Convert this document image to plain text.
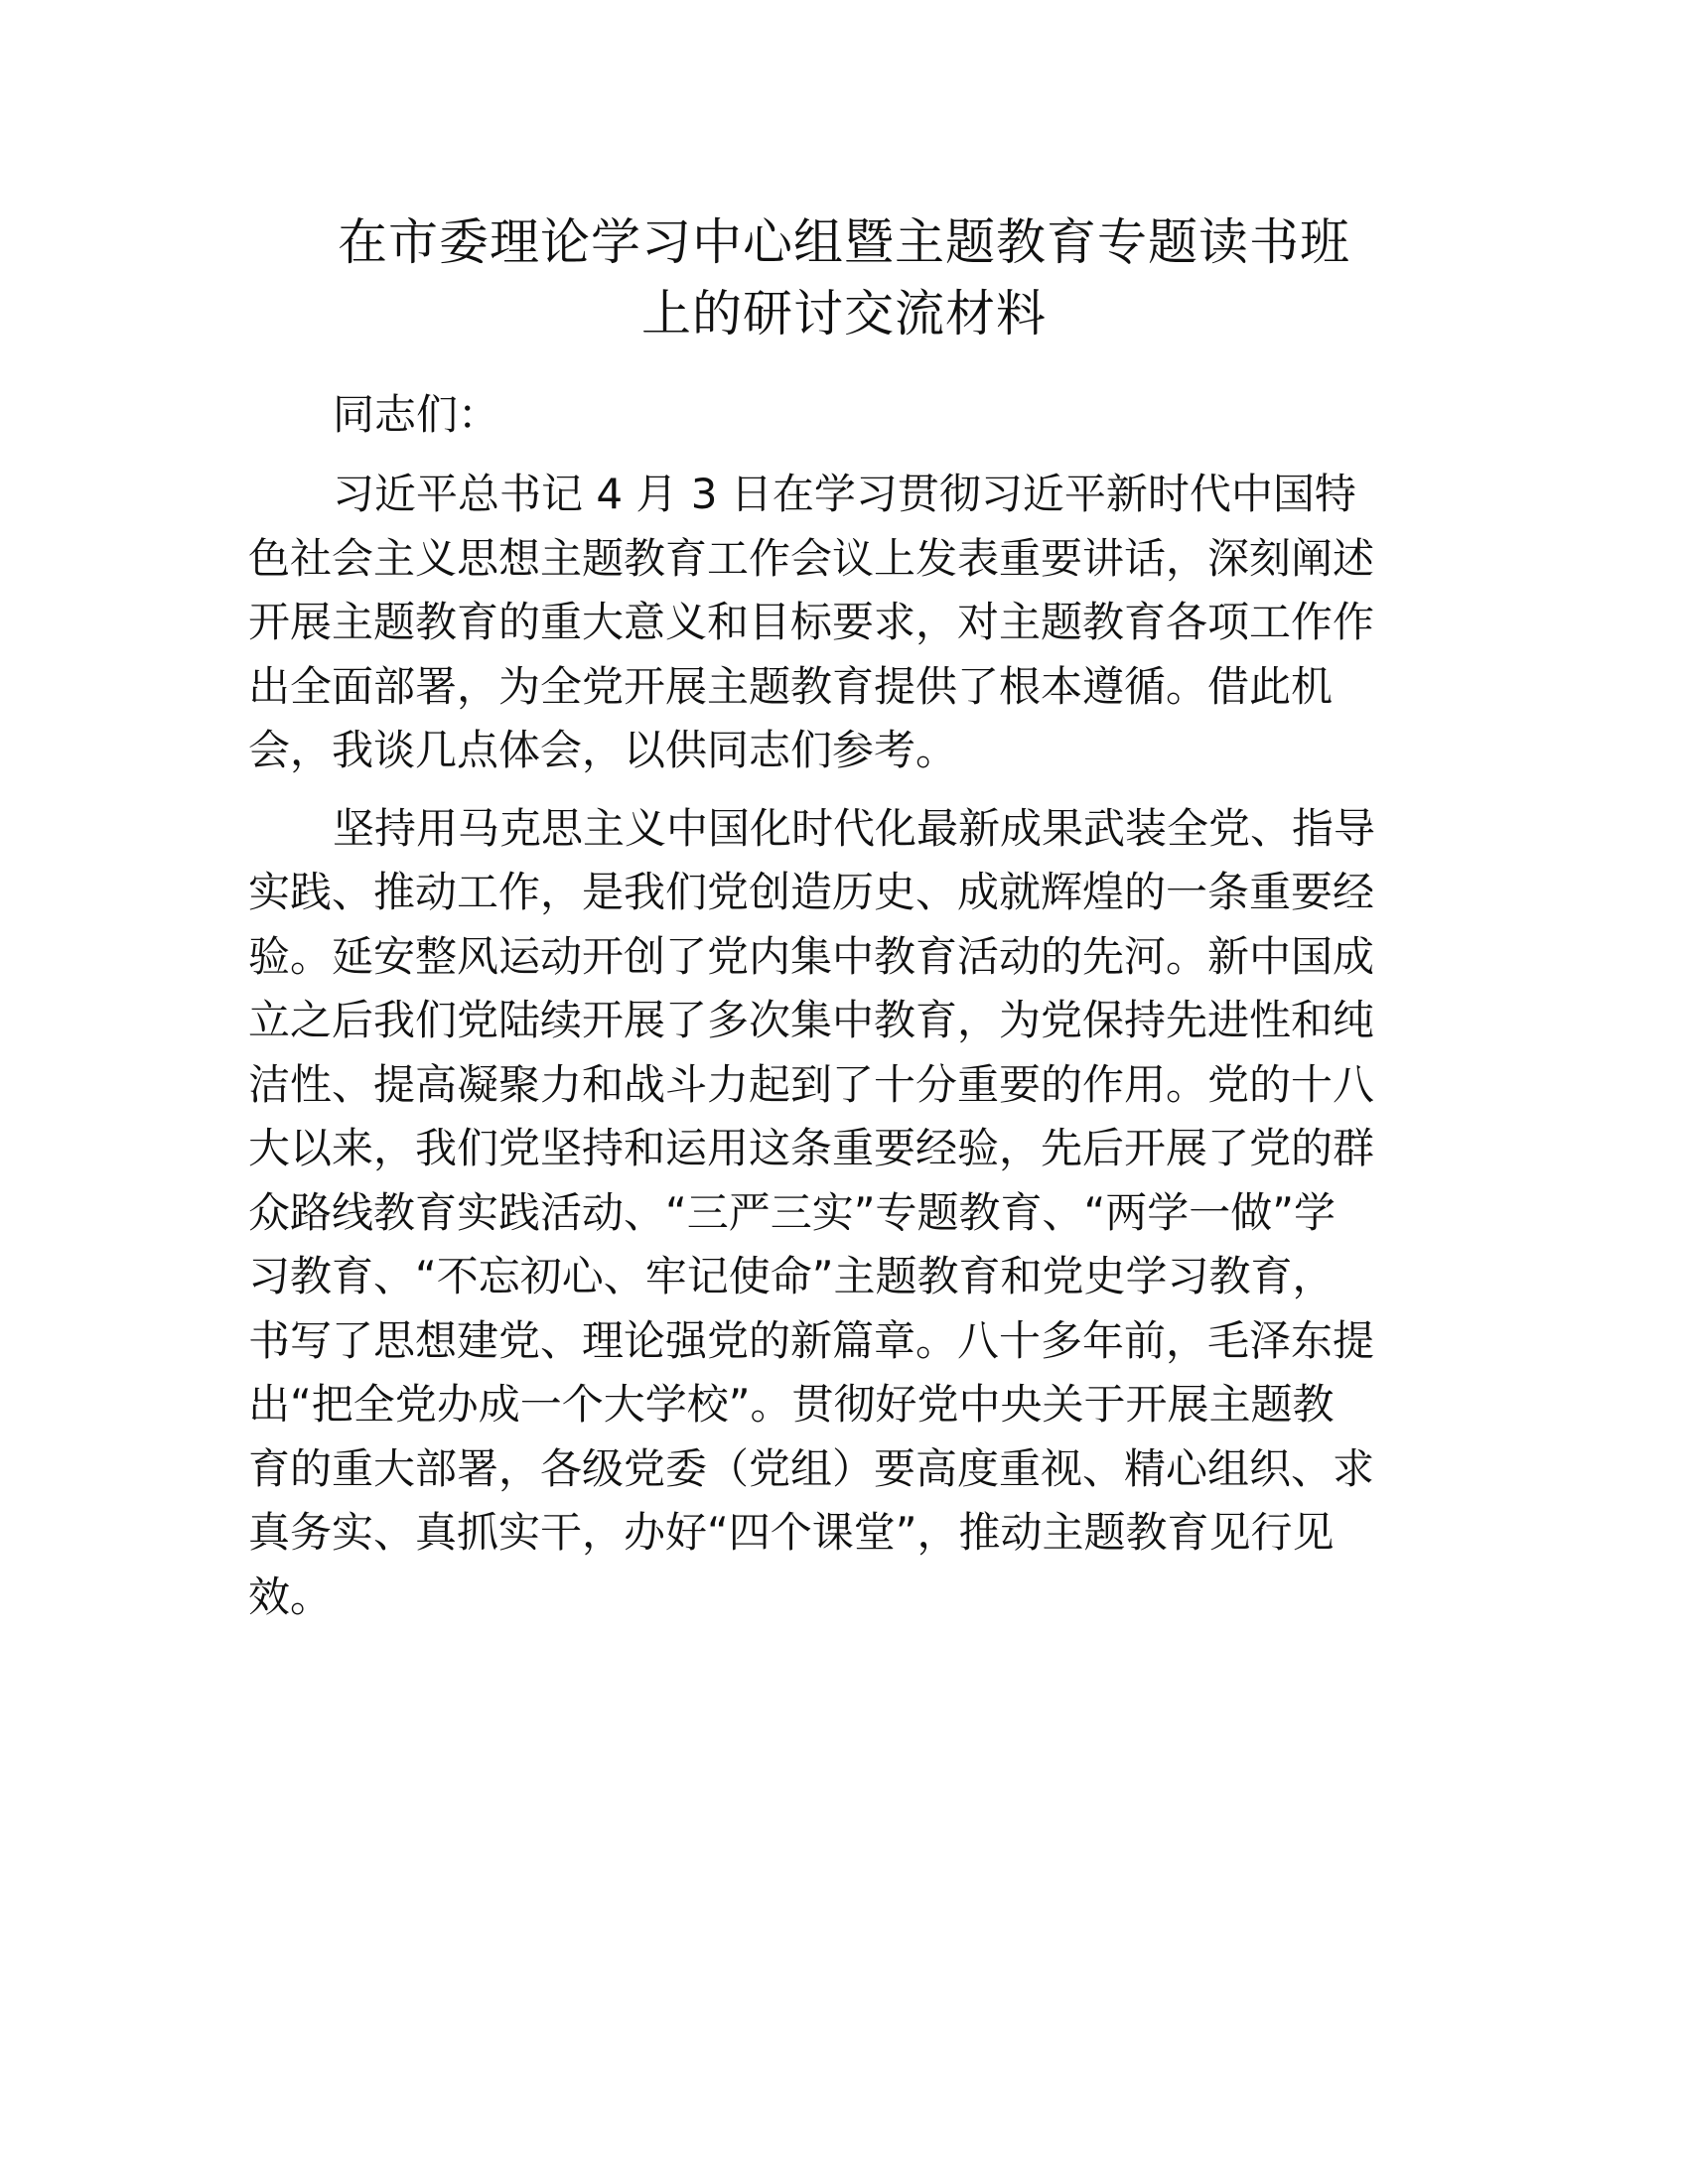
在市委理论学习中心组暨主题教育专题读书班
上的研讨交流材料

同志们：

习近平总书记 4 月 3 日在学习贯彻习近平新时代中国特
色社会主义思想主题教育工作会议上发表重要讲话，深刻阐述
开展主题教育的重大意义和目标要求，对主题教育各项工作作
出全面部署，为全党开展主题教育提供了根本遵循。借此机
会，我谈几点体会，以供同志们参考。

坚持用马克思主义中国化时代化最新成果武装全党、指导
实践、推动工作，是我们党创造历史、成就辉煌的一条重要经
验。延安整风运动开创了党内集中教育活动的先河。新中国成
立之后我们党陆续开展了多次集中教育，为党保持先进性和纯
洁性、提高凝聚力和战斗力起到了十分重要的作用。党的十八
大以来，我们党坚持和运用这条重要经验，先后开展了党的群
众路线教育实践活动、“三严三实”专题教育、“两学一做”学
习教育、“不忘初心、牢记使命”主题教育和党史学习教育，
书写了思想建党、理论强党的新篇章。八十多年前，毛泽东提
出“把全党办成一个大学校”。贯彻好党中央关于开展主题教
育的重大部署，各级党委（党组）要高度重视、精心组织、求
真务实、真抓实干，办好“四个课堂”，推动主题教育见行见
效。
